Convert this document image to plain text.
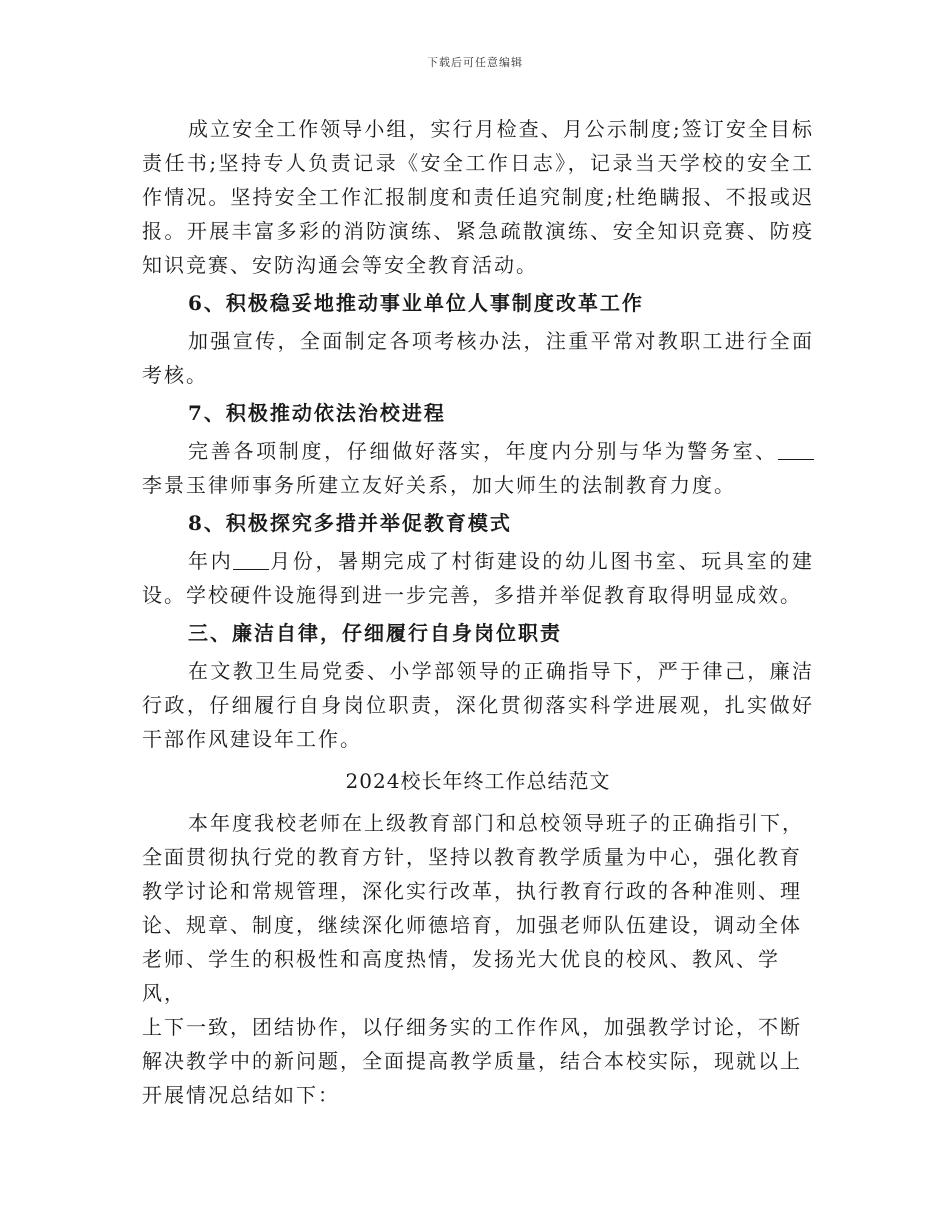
下载后可任意编辑

成立安全工作领导小组，实行月检查、月公示制度;签订安全目标责任书;坚持专人负责记录《安全工作日志》，记录当天学校的安全工作情况。坚持安全工作汇报制度和责任追究制度;杜绝瞒报、不报或迟报。开展丰富多彩的消防演练、紧急疏散演练、安全知识竞赛、防疫知识竞赛、安防沟通会等安全教育活动。

6、积极稳妥地推动事业单位人事制度改革工作

加强宣传，全面制定各项考核办法，注重平常对教职工进行全面考核。

7、积极推动依法治校进程

完善各项制度，仔细做好落实，年度内分别与华为警务室、李景玉律师事务所建立友好关系，加大师生的法制教育力度。

8、积极探究多措并举促教育模式

年内 月份，暑期完成了村街建设的幼儿图书室、玩具室的建设。学校硬件设施得到进一步完善，多措并举促教育取得明显成效。

三、廉洁自律，仔细履行自身岗位职责

在文教卫生局党委、小学部领导的正确指导下，严于律己，廉洁行政，仔细履行自身岗位职责，深化贯彻落实科学进展观，扎实做好干部作风建设年工作。

2024校长年终工作总结范文

本年度我校老师在上级教育部门和总校领导班子的正确指引下，

全面贯彻执行党的教育方针，坚持以教育教学质量为中心，强化教育

教学讨论和常规管理，深化实行改革，执行教育行政的各种准则、理

论、规章、制度，继续深化师德培育，加强老师队伍建设，调动全体

老师、学生的积极性和高度热情，发扬光大优良的校风、教风、学风，

上下一致，团结协作，以仔细务实的工作作风，加强教学讨论，不断

解决教学中的新问题，全面提高教学质量，结合本校实际，现就以上

开展情况总结如下：
